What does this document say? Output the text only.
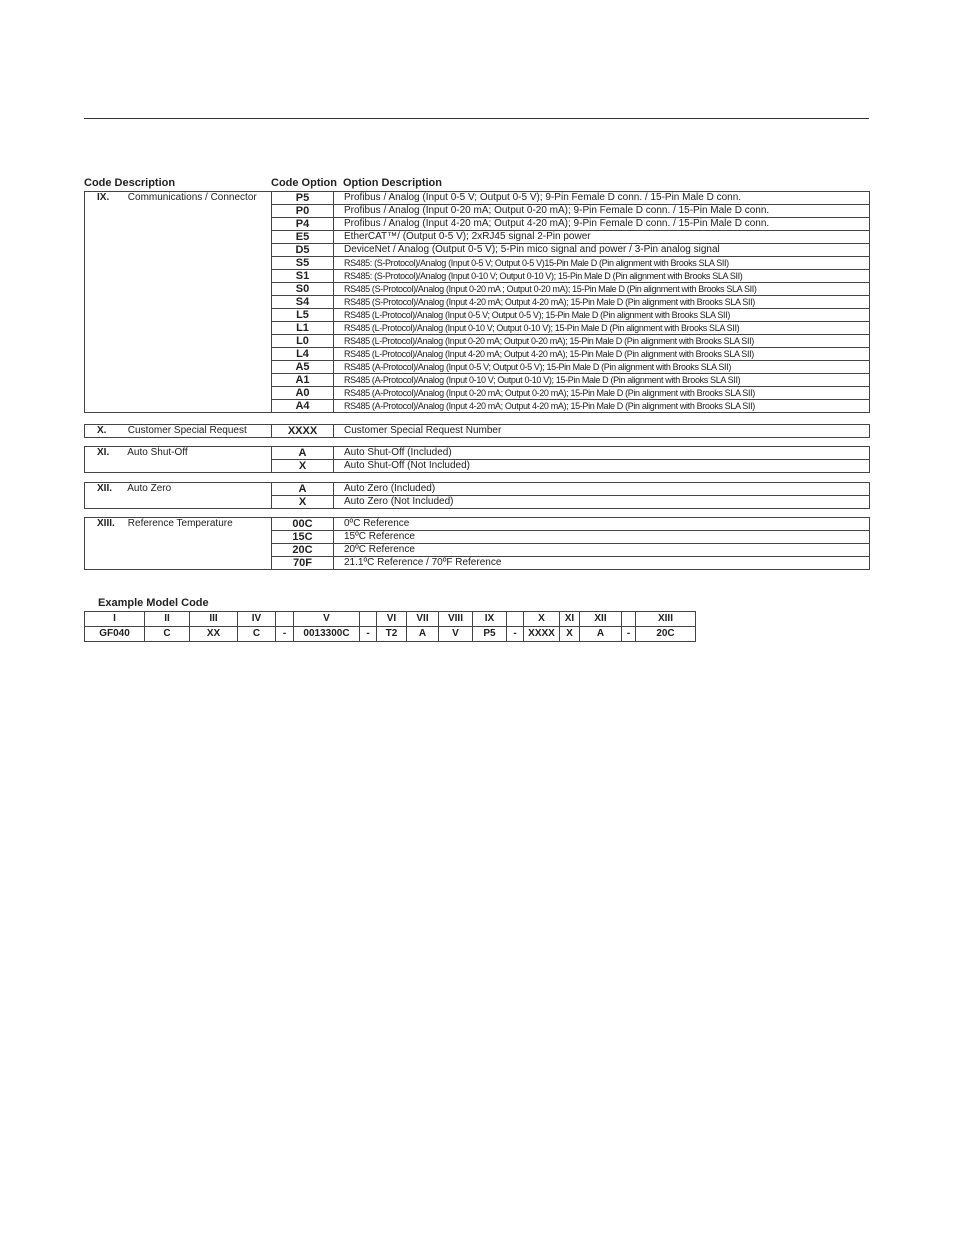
Code Description	Code Option Option Description
IX. Communications / Connector	P5	Profibus / Analog (Input 0-5 V; Output 0-5 V); 9-Pin Female D conn. / 15-Pin Male D conn.
	P0	Profibus / Analog (Input 0-20 mA; Output 0-20 mA); 9-Pin Female D conn. / 15-Pin Male D conn.
	P4	Profibus / Analog (Input 4-20 mA; Output 4-20 mA); 9-Pin Female D conn. / 15-Pin Male D conn.
	E5	EtherCAT™/ (Output 0-5 V); 2xRJ45 signal 2-Pin power
	D5	DeviceNet / Analog (Output 0-5 V); 5-Pin mico signal and power / 3-Pin analog signal
	S5	RS485: (S-Protocol)/Analog (Input 0-5 V; Output 0-5 V)15-Pin Male D (Pin alignment with Brooks SLA SII)
	S1	RS485: (S-Protocol)/Analog (Input 0-10 V; Output 0-10 V); 15-Pin Male D (Pin alignment with Brooks SLA SII)
	S0	RS485 (S-Protocol)/Analog (Input 0-20 mA ; Output 0-20 mA); 15-Pin Male D (Pin alignment with Brooks SLA SII)
	S4	RS485 (S-Protocol)/Analog (Input 4-20 mA; Output 4-20 mA); 15-Pin Male D (Pin alignment with Brooks SLA SII)
	L5	RS485 (L-Protocol)/Analog (Input 0-5 V; Output 0-5 V); 15-Pin Male D (Pin alignment with Brooks SLA SII)
	L1	RS485 (L-Protocol)/Analog (Input 0-10 V; Output 0-10 V); 15-Pin Male D (Pin alignment with Brooks SLA SII)
	L0	RS485 (L-Protocol)/Analog (Input 0-20 mA; Output 0-20 mA); 15-Pin Male D (Pin alignment with Brooks SLA SII)
	L4	RS485 (L-Protocol)/Analog (Input 4-20 mA; Output 4-20 mA); 15-Pin Male D (Pin alignment with Brooks SLA SII)
	A5	RS485 (A-Protocol)/Analog (Input 0-5 V; Output 0-5 V); 15-Pin Male D (Pin alignment with Brooks SLA SII)
	A1	RS485 (A-Protocol)/Analog (Input 0-10 V; Output 0-10 V); 15-Pin Male D (Pin alignment with Brooks SLA SII)
	A0	RS485 (A-Protocol)/Analog (Input 0-20 mA; Output 0-20 mA); 15-Pin Male D (Pin alignment with Brooks SLA SII)
	A4	RS485 (A-Protocol)/Analog (Input 4-20 mA; Output 4-20 mA); 15-Pin Male D (Pin alignment with Brooks SLA SII)
X. Customer Special Request	XXXX	Customer Special Request Number
XI. Auto Shut-Off	A	Auto Shut-Off (Included)
	X	Auto Shut-Off (Not Included)
XII. Auto Zero	A	Auto Zero (Included)
	X	Auto Zero (Not Included)
XIII. Reference Temperature	00C	0ºC Reference
	15C	15ºC Reference
	20C	20ºC Reference
	70F	21.1ºC Reference / 70ºF Reference
Example Model Code
I	II	III	IV		V		VI	VII	VIII	IX		X	XI	XII		XIII
GF040	C	XX	C	-	0013300C	-	T2	A	V	P5	-	XXXX	X	A	-	20C
